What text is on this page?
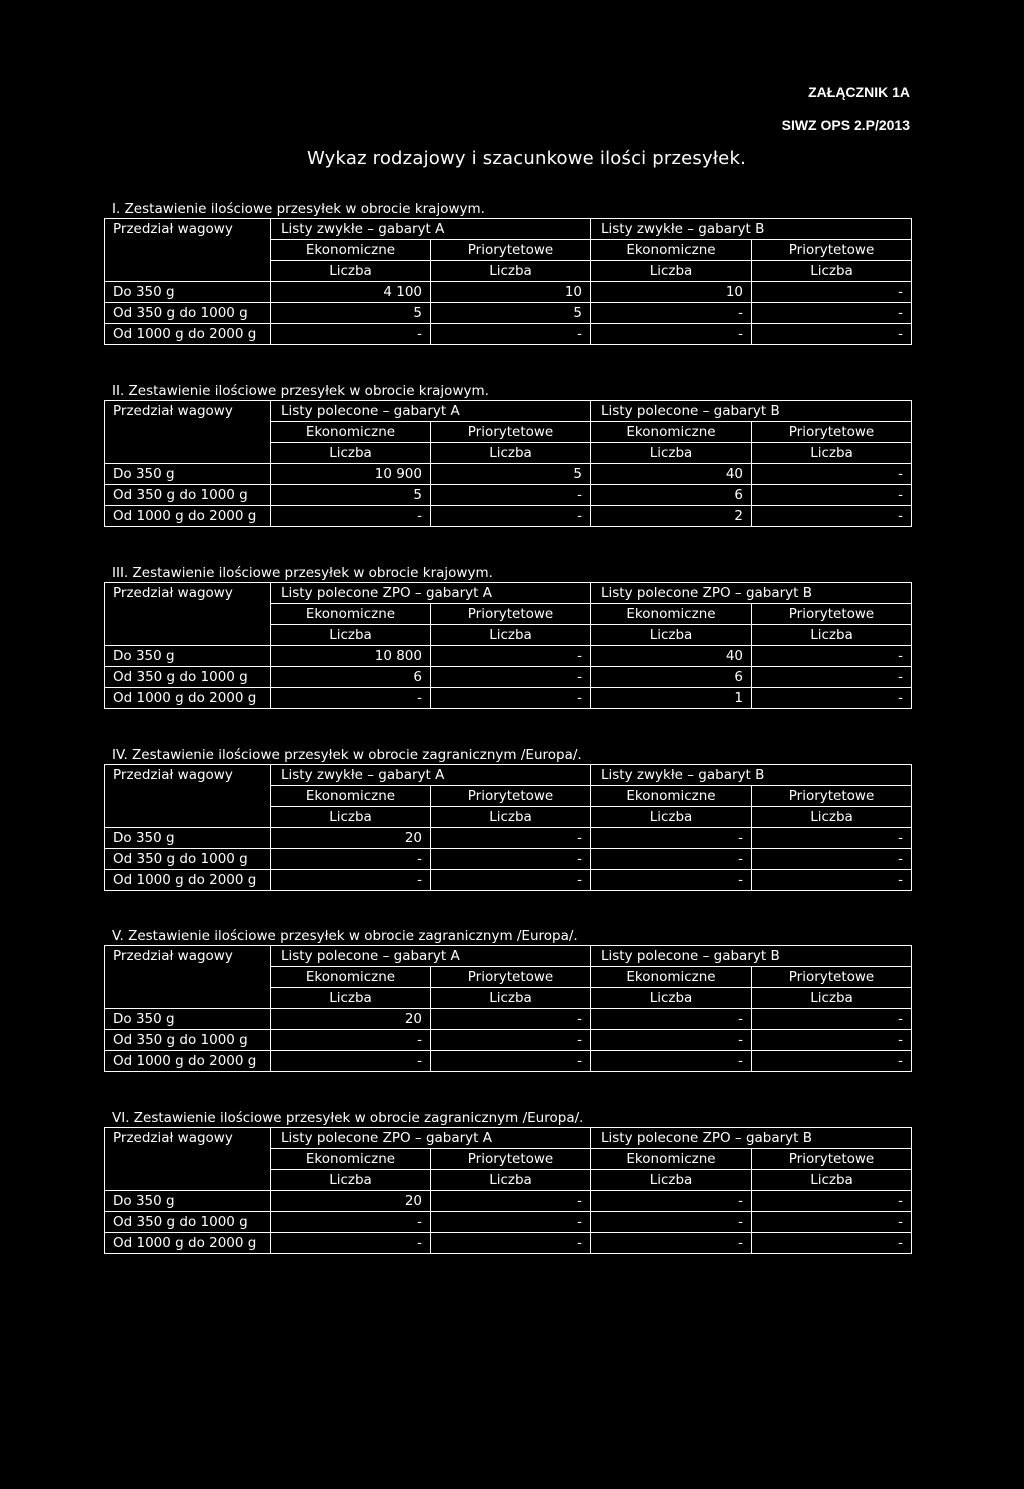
ZAŁĄCZNIK 1A
SIWZ OPS 2.P/2013
Wykaz rodzajowy i szacunkowe ilości przesyłek.
I. Zestawienie ilościowe przesyłek w obrocie krajowym.
Przedział wagowy	Listy zwykłe – gabaryt A		Listy zwykłe – gabaryt B	
	Ekonomiczne	Priorytetowe	Ekonomiczne	Priorytetowe
	Liczba	Liczba	Liczba	Liczba
Do 350 g	4 100	10	10	-
Od 350 g do 1000 g	5	5	-	-
Od 1000 g do 2000 g	-	-	-	-
II. Zestawienie ilościowe przesyłek w obrocie krajowym.
Przedział wagowy	Listy polecone – gabaryt A		Listy polecone – gabaryt B	
	Ekonomiczne	Priorytetowe	Ekonomiczne	Priorytetowe
	Liczba	Liczba	Liczba	Liczba
Do 350 g	10 900	5	40	-
Od 350 g do 1000 g	5	-	6	-
Od 1000 g do 2000 g	-	-	2	-
III. Zestawienie ilościowe przesyłek w obrocie krajowym.
Przedział wagowy	Listy polecone ZPO – gabaryt A		Listy polecone ZPO – gabaryt B	
	Ekonomiczne	Priorytetowe	Ekonomiczne	Priorytetowe
	Liczba	Liczba	Liczba	Liczba
Do 350 g	10 800	-	40	-
Od 350 g do 1000 g	6	-	6	-
Od 1000 g do 2000 g	-	-	1	-
IV. Zestawienie ilościowe przesyłek w obrocie zagranicznym /Europa/.
Przedział wagowy	Listy zwykłe – gabaryt A		Listy zwykłe – gabaryt B	
	Ekonomiczne	Priorytetowe	Ekonomiczne	Priorytetowe
	Liczba	Liczba	Liczba	Liczba
Do 350 g	20	-	-	-
Od 350 g do 1000 g	-	-	-	-
Od 1000 g do 2000 g	-	-	-	-
V. Zestawienie ilościowe przesyłek w obrocie zagranicznym /Europa/.
Przedział wagowy	Listy polecone – gabaryt A		Listy polecone – gabaryt B	
	Ekonomiczne	Priorytetowe	Ekonomiczne	Priorytetowe
	Liczba	Liczba	Liczba	Liczba
Do 350 g	20	-	-	-
Od 350 g do 1000 g	-	-	-	-
Od 1000 g do 2000 g	-	-	-	-
VI. Zestawienie ilościowe przesyłek w obrocie zagranicznym /Europa/.
Przedział wagowy	Listy polecone ZPO – gabaryt A		Listy polecone ZPO – gabaryt B	
	Ekonomiczne	Priorytetowe	Ekonomiczne	Priorytetowe
	Liczba	Liczba	Liczba	Liczba
Do 350 g	20	-	-	-
Od 350 g do 1000 g	-	-	-	-
Od 1000 g do 2000 g	-	-	-	-
